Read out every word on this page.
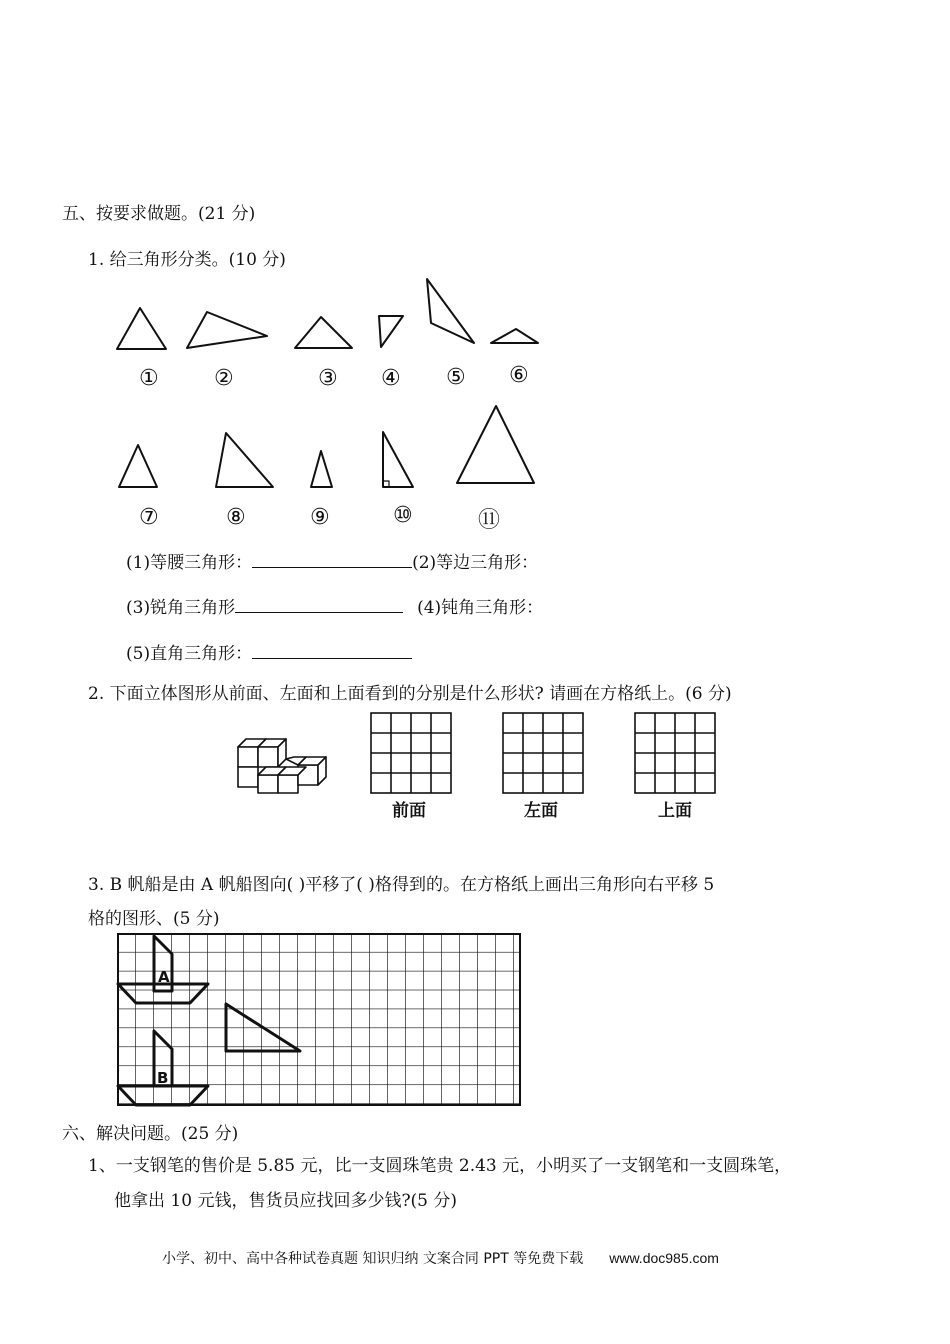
五、按要求做题。(21 分)
1. 给三角形分类。(10 分)
①	②	③ ④ ⑤ ⑥
⑦	⑧	⑨	⑩	⑪
(1)等腰三角形：	(2)等边三角形：
(3)锐角三角形	(4)钝角三角形：
(5)直角三角形：
2. 下面立体图形从前面、左面和上面看到的分别是什么形状? 请画在方格纸上。(6 分)
前面	左面	上面
3. B 帆船是由 A 帆船图向( )平移了( )格得到的。在方格纸上画出三角形向右平移 5
格的图形、(5 分)
A
B
六、解决问题。(25 分)
1、一支钢笔的售价是 5.85 元，比一支圆珠笔贵 2.43 元，小明买了一支钢笔和一支圆珠笔，
他拿出 10 元钱，售货员应找回多少钱?(5 分)
小学、初中、高中各种试卷真题 知识归纳 文案合同 PPT 等免费下载 www.doc985.com
